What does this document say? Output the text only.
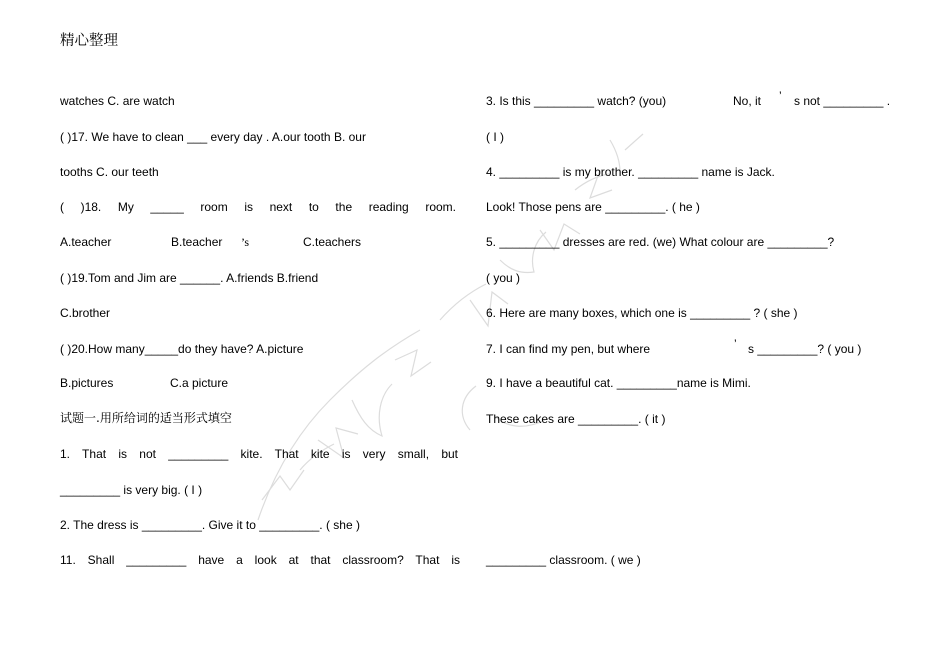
精心整理
watches C. are watch
( )17. We have to clean ___ every day . A.our tooth B. our
tooths C. our teeth
( )18. My _____ room is next to the reading room.
A.teacher	B.teacher ’s	C.teachers
( )19.Tom and Jim are ______. A.friends B.friend
C.brother
( )20.How many_____do they have? A.picture
B.pictures	C.a picture
试题一.用所给词的适当形式填空
1. That is not _________ kite. That kite is very small, but
_________ is very big. ( I )
2. The dress is _________. Give it to _________. ( she )
11. Shall _________ have a look at that classroom? That is
3. Is this _________ watch? (you)	No, it ’ s not _________ .
( I )
4. _________ is my brother. _________ name is Jack.
Look! Those pens are _________. ( he )
5. _________ dresses are red. (we) What colour are _________?
( you )
6. Here are many boxes, which one is _________ ? ( she )
7. I can find my pen, but where	’ s _________? ( you )
9. I have a beautiful cat. _________name is Mimi.
These cakes are _________. ( it )
_________ classroom. ( we )
